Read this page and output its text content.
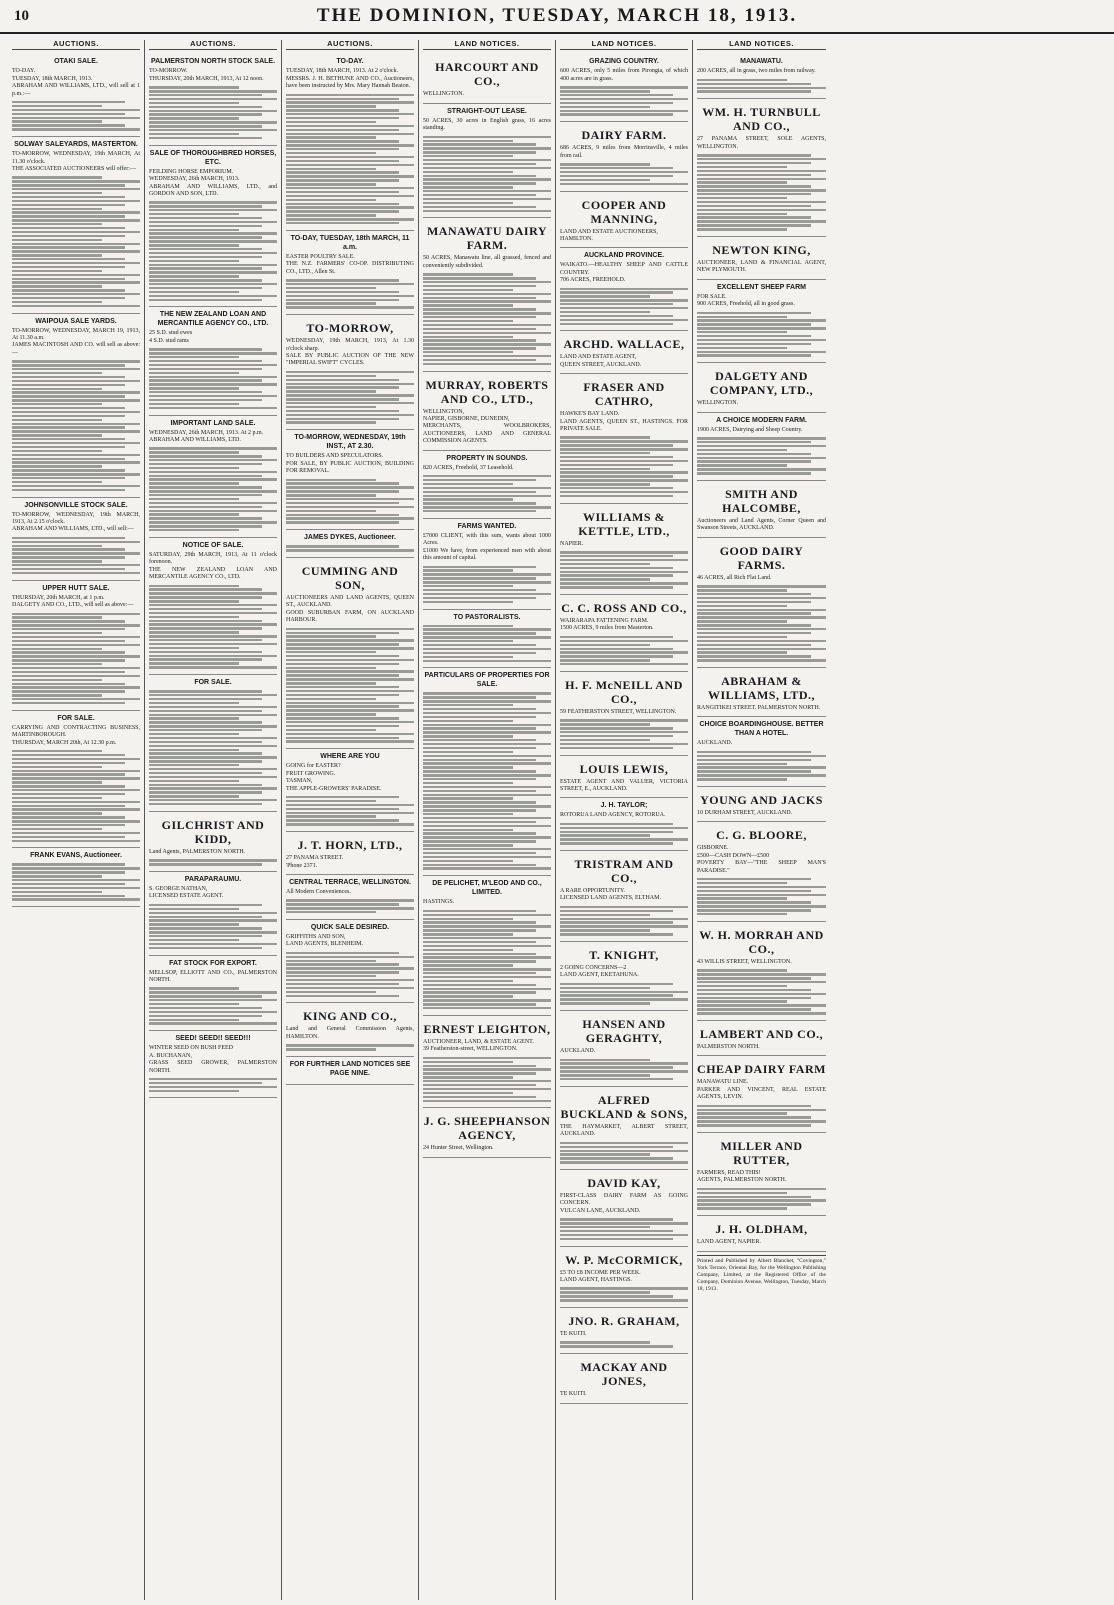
10	THE DOMINION, TUESDAY, MARCH 18, 1913.
AUCTIONS.
OTAKI SALE.
TO-DAY.
TUESDAY, 18th MARCH, 1913.
ABRAHAM AND WILLIAMS, LTD., will sell at 1 p.m.:—
SOLWAY SALEYARDS, MASTERTON.
TO-MORROW, WEDNESDAY, 19th MARCH, At 11.30 o'clock.
THE ASSOCIATED AUCTIONEERS will offer:—
WAIPOUA SALE YARDS.
TO-MORROW, WEDNESDAY, MARCH 19, 1913, At 11.30 a.m.
JAMES MACINTOSH AND CO. will sell as above:—
JOHNSONVILLE STOCK SALE.
TO-MORROW, WEDNESDAY, 19th MARCH, 1913, At 2.15 o'clock.
ABRAHAM AND WILLIAMS, LTD., will sell:—
UPPER HUTT SALE.
THURSDAY, 20th MARCH, at 1 p.m.
DALGETY AND CO., LTD., will sell as above:—
FOR SALE.
CARRYING AND CONTRACTING BUSINESS, MARTINBOROUGH.
THURSDAY, MARCH 20th, At 12.30 p.m.
FRANK EVANS, Auctioneer.
AUCTIONS.
PALMERSTON NORTH STOCK SALE.
TO-MORROW.
THURSDAY, 20th MARCH, 1913, At 12 noon.
SALE OF THOROUGHBRED HORSES, ETC.
FEILDING HORSE EMPORIUM.
WEDNESDAY, 26th MARCH, 1913.
ABRAHAM AND WILLIAMS, LTD., and GORDON AND SON, LTD.
THE NEW ZEALAND LOAN AND MERCANTILE AGENCY CO., LTD.
25 S.D. stud ewes
4 S.D. stud rams
IMPORTANT LAND SALE.
WEDNESDAY, 26th MARCH, 1913. At 2 p.m.
ABRAHAM AND WILLIAMS, LTD.
NOTICE OF SALE.
SATURDAY, 29th MARCH, 1913, At 11 o'clock forenoon.
THE NEW ZEALAND LOAN AND MERCANTILE AGENCY CO., LTD.
FOR SALE.
GILCHRIST AND KIDD,
Land Agents, PALMERSTON NORTH.
PARAPARAUMU.
S. GEORGE NATHAN,
LICENSED ESTATE AGENT.
FAT STOCK FOR EXPORT.
MELLSOP, ELLIOTT AND CO., PALMERSTON NORTH.
SEED! SEED!! SEED!!!
WINTER SEED ON BUSH FEED
A. BUCHANAN,
GRASS SEED GROWER, PALMERSTON NORTH.
AUCTIONS.
TO-DAY.
TUESDAY, 18th MARCH, 1913. At 2 o'clock.
MESSRS. J. H. BETHUNE AND CO., Auctioneers, have been instructed by Mrs. Mary Hannah Beaton.
TO-DAY, TUESDAY, 18th MARCH, 11 a.m.
EASTER POULTRY SALE.
THE N.Z. FARMERS' CO-OP. DISTRIBUTING CO., LTD., Allen St.
TO-MORROW,
WEDNESDAY, 19th MARCH, 1913, At 1.30 o'clock sharp.
SALE BY PUBLIC AUCTION OF THE NEW "IMPERIAL SWIFT" CYCLES.
TO-MORROW, WEDNESDAY, 19th INST., AT 2.30.
TO BUILDERS AND SPECULATORS.
FOR SALE, BY PUBLIC AUCTION, BUILDING FOR REMOVAL.
JAMES DYKES, Auctioneer.
CUMMING AND SON,
AUCTIONEERS AND LAND AGENTS, QUEEN ST., AUCKLAND.
GOOD SUBURBAN FARM, ON AUCKLAND HARBOUR.
WHERE ARE YOU
GOING for EASTER?
FRUIT GROWING.
TASMAN,
THE APPLE-GROWERS' PARADISE.
J. T. HORN, LTD.,
27 PANAMA STREET.
'Phone 2371.
CENTRAL TERRACE, WELLINGTON.
All Modern Conveniences.
QUICK SALE DESIRED.
GRIFFITHS AND SON,
LAND AGENTS, BLENHEIM.
KING AND CO.,
Land and General Commission Agents, HAMILTON.
FOR FURTHER LAND NOTICES SEE PAGE NINE.
LAND NOTICES.
HARCOURT AND CO.,
WELLINGTON.
STRAIGHT-OUT LEASE.
50 ACRES, 30 acres in English grass, 16 acres standing.
MANAWATU DAIRY FARM.
50 ACRES, Manawatu line, all grassed, fenced and conveniently subdivided.
MURRAY, ROBERTS AND CO., LTD.,
WELLINGTON,
NAPIER, GISBORNE, DUNEDIN,
MERCHANTS, WOOLBROKERS, AUCTIONEERS, LAND AND GENERAL COMMISSION AGENTS.
PROPERTY IN SOUNDS.
820 ACRES, Freehold, 37 Leasehold.
FARMS WANTED.
£7000 CLIENT, with this sum, wants about 1000 Acres.
£1000 We have, from experienced men with about this amount of capital.
TO PASTORALISTS.
PARTICULARS OF PROPERTIES FOR SALE.
DE PELICHET, M'LEOD AND CO., LIMITED.
HASTINGS.
ERNEST LEIGHTON,
AUCTIONEER, LAND, & ESTATE AGENT.
39 Featherston-street, WELLINGTON.
J. G. SHEEPHANSON AGENCY,
24 Hunter Street, Wellington.
LAND NOTICES.
GRAZING COUNTRY.
600 ACRES, only 5 miles from Pirongia, of which 400 acres are in grass.
DAIRY FARM.
686 ACRES, 9 miles from Morrinsville, 4 miles from rail.
COOPER AND MANNING,
LAND AND ESTATE AUCTIONEERS,
HAMILTON.
AUCKLAND PROVINCE.
WAIKATO.—HEALTHY SHEEP AND CATTLE COUNTRY.
706 ACRES, FREEHOLD.
ARCHD. WALLACE,
LAND AND ESTATE AGENT,
QUEEN STREET, AUCKLAND.
FRASER AND CATHRO,
HAWKE'S BAY LAND.
LAND AGENTS, QUEEN ST., HASTINGS. FOR PRIVATE SALE.
WILLIAMS & KETTLE, LTD.,
NAPIER.
C. C. ROSS AND CO.,
WAIRARAPA FATTENING FARM.
1500 ACRES, 9 miles from Masterton.
H. F. McNEILL AND CO.,
59 FEATHERSTON STREET, WELLINGTON.
LOUIS LEWIS,
ESTATE AGENT AND VALUER, VICTORIA STREET, E., AUCKLAND.
J. H. TAYLOR;
ROTORUA LAND AGENCY, ROTORUA.
TRISTRAM AND CO.,
A RARE OPPORTUNITY.
LICENSED LAND AGENTS, ELTHAM.
T. KNIGHT,
2 GOING CONCERNS—2
LAND AGENT, EKETAHUNA.
HANSEN AND GERAGHTY,
AUCKLAND.
ALFRED BUCKLAND & SONS,
THE HAYMARKET, ALBERT STREET, AUCKLAND.
DAVID KAY,
FIRST-CLASS DAIRY FARM AS GOING CONCERN.
VULCAN LANE, AUCKLAND.
W. P. McCORMICK,
£5 TO £8 INCOME PER WEEK.
LAND AGENT, HASTINGS.
JNO. R. GRAHAM,
TE KUITI.
MACKAY AND JONES,
TE KUITI.
LAND NOTICES.
MANAWATU.
200 ACRES, all in grass, two miles from railway.
WM. H. TURNBULL AND CO.,
27 PANAMA STREET, SOLE AGENTS, WELLINGTON.
NEWTON KING,
AUCTIONEER, LAND & FINANCIAL AGENT, NEW PLYMOUTH.
EXCELLENT SHEEP FARM
FOR SALE.
900 ACRES, Freehold, all in good grass.
DALGETY AND COMPANY, LTD.,
WELLINGTON.
A CHOICE MODERN FARM.
1900 ACRES, Dairying and Sheep Country.
SMITH AND HALCOMBE,
Auctioneers and Land Agents, Corner Queen and Swanson Streets, AUCKLAND.
GOOD DAIRY FARMS.
46 ACRES, all Rich Flat Land.
ABRAHAM & WILLIAMS, LTD.,
RANGITIKEI STREET. PALMERSTON NORTH.
CHOICE BOARDINGHOUSE. BETTER THAN A HOTEL.
AUCKLAND.
YOUNG AND JACKS
10 DURHAM STREET, AUCKLAND.
C. G. BLOORE,
GISBORNE.
£500—CASH DOWN—£500
POVERTY BAY—"THE SHEEP MAN'S PARADISE."
W. H. MORRAH AND CO.,
43 WILLIS STREET, WELLINGTON.
LAMBERT AND CO.,
PALMERSTON NORTH.
CHEAP DAIRY FARM
MANAWATU LINE.
PARKER AND VINCENT, REAL ESTATE AGENTS, LEVIN.
MILLER AND RUTTER,
FARMERS, READ THIS!
AGENTS, PALMERSTON NORTH.
J. H. OLDHAM,
LAND AGENT, NAPIER.
Printed and Published by Albert Blanchet, "Covington," York Terrace, Oriental Bay, for the Wellington Publishing Company, Limited, at the Registered Office of the Company, Dominion Avenue, Wellington, Tuesday, March 18, 1913.
